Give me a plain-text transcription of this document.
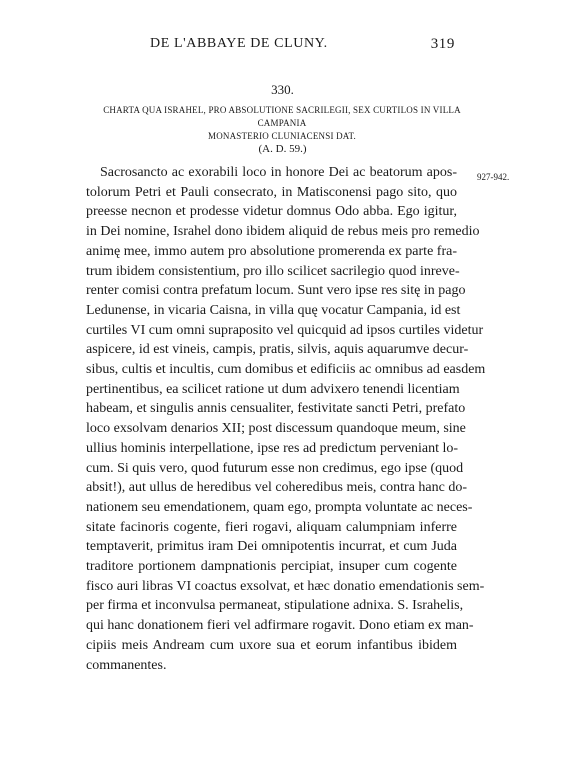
DE L'ABBAYE DE CLUNY.	319
330.
CHARTA QUA ISRAHEL, PRO ABSOLUTIONE SACRILEGII, SEX CURTILOS IN VILLA CAMPANIA
MONASTERIO CLUNIACENSI DAT.
(A. D. 59.)
927-942.
Sacrosancto ac exorabili loco in honore Dei ac beatorum apos-
tolorum Petri et Pauli consecrato, in Matisconensi pago sito, quo
preesse necnon et prodesse videtur domnus Odo abba. Ego igitur,
in Dei nomine, Israhel dono ibidem aliquid de rebus meis pro remedio
animę mee, immo autem pro absolutione promerenda ex parte fra-
trum ibidem consistentium, pro illo scilicet sacrilegio quod inreve-
renter comisi contra prefatum locum. Sunt vero ipse res sitę in pago
Ledunense, in vicaria Caisna, in villa quę vocatur Campania, id est
curtiles VI cum omni supraposito vel quicquid ad ipsos curtiles videtur
aspicere, id est vineis, campis, pratis, silvis, aquis aquarumve decur-
sibus, cultis et incultis, cum domibus et edificiis ac omnibus ad easdem
pertinentibus, ea scilicet ratione ut dum advixero tenendi licentiam
habeam, et singulis annis censualiter, festivitate sancti Petri, prefato
loco exsolvam denarios XII; post discessum quandoque meum, sine
ullius hominis interpellatione, ipse res ad predictum perveniant lo-
cum. Si quis vero, quod futurum esse non credimus, ego ipse (quod
absit!), aut ullus de heredibus vel coheredibus meis, contra hanc do-
nationem seu emendationem, quam ego, prompta voluntate ac neces-
sitate facinoris cogente, fieri rogavi, aliquam calumpniam inferre
temptaverit, primitus iram Dei omnipotentis incurrat, et cum Juda
traditore portionem dampnationis percipiat, insuper cum cogente
fisco auri libras VI coactus exsolvat, et hæc donatio emendationis sem-
per firma et inconvulsa permaneat, stipulatione adnixa. S. Israhelis,
qui hanc donationem fieri vel adfirmare rogavit. Dono etiam ex man-
cipiis meis Andream cum uxore sua et eorum infantibus ibidem
commanentes.
